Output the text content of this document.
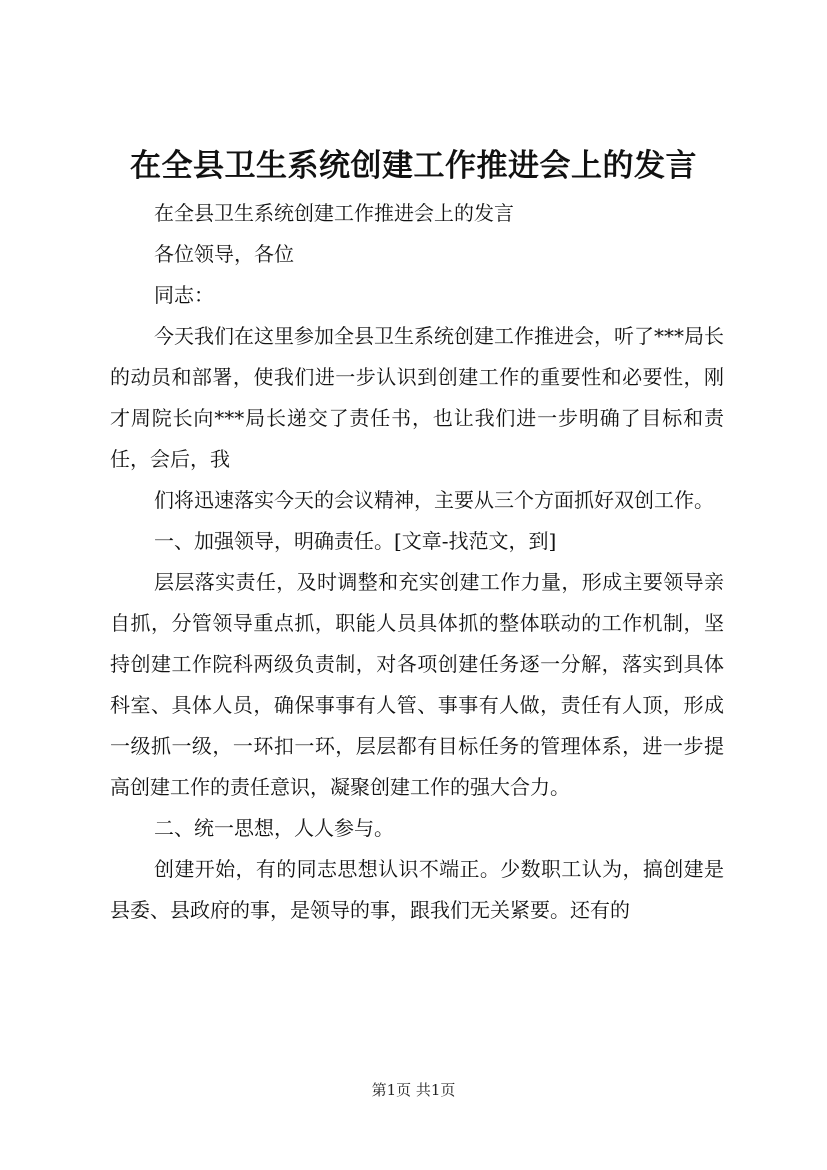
在全县卫生系统创建工作推进会上的发言

在全县卫生系统创建工作推进会上的发言

各位领导，各位

同志：

今天我们在这里参加全县卫生系统创建工作推进会，听了***局长的动员和部署，使我们进一步认识到创建工作的重要性和必要性，刚才周院长向***局长递交了责任书，也让我们进一步明确了目标和责任，会后，我

们将迅速落实今天的会议精神，主要从三个方面抓好双创工作。

一、加强领导，明确责任。[文章-找范文，到]

层层落实责任，及时调整和充实创建工作力量，形成主要领导亲自抓，分管领导重点抓，职能人员具体抓的整体联动的工作机制，坚持创建工作院科两级负责制，对各项创建任务逐一分解，落实到具体科室、具体人员，确保事事有人管、事事有人做，责任有人顶，形成一级抓一级，一环扣一环，层层都有目标任务的管理体系，进一步提高创建工作的责任意识，凝聚创建工作的强大合力。

二、统一思想，人人参与。

创建开始，有的同志思想认识不端正。少数职工认为，搞创建是县委、县政府的事，是领导的事，跟我们无关紧要。还有的

第1页 共1页
